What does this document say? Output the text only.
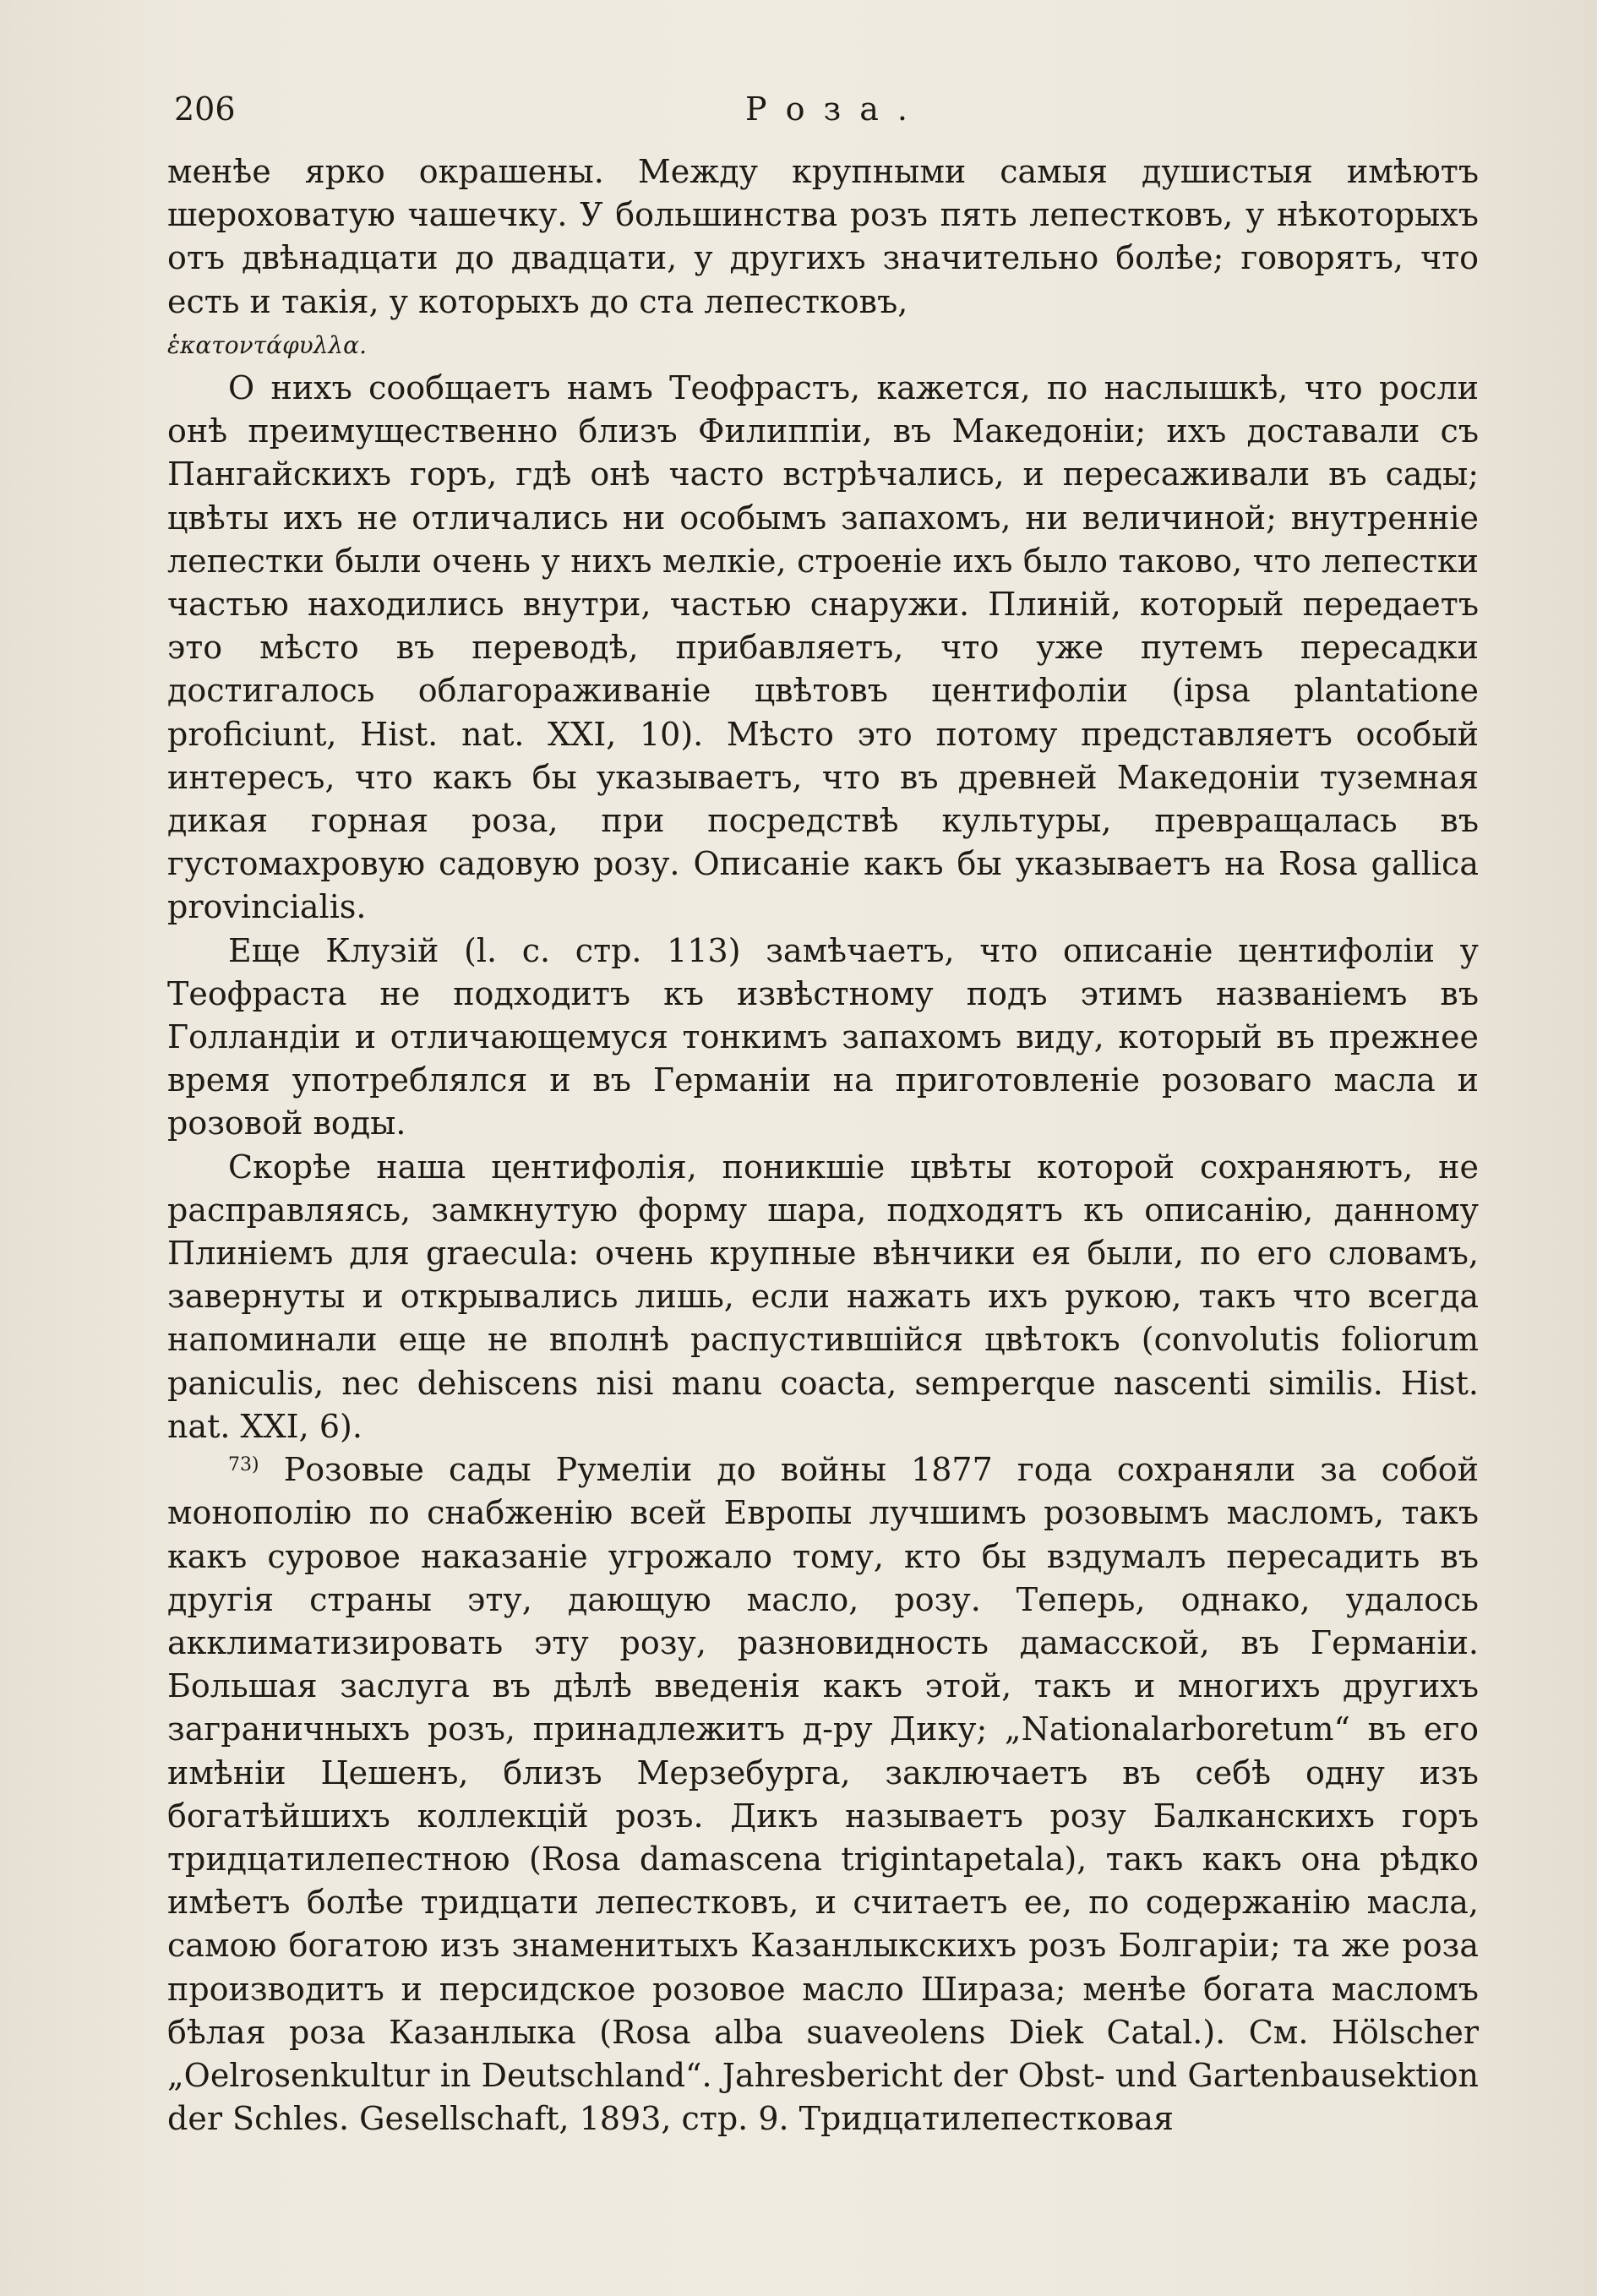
206	Роза.

менѣе ярко окрашены. Между крупными самыя душистыя имѣютъ шероховатую чашечку. У большинства розъ пять лепестковъ, у нѣкоторыхъ отъ двѣнадцати до двадцати, у другихъ значительно болѣе; говорятъ, что есть и такія, у которыхъ до ста лепестковъ,
ἑκατοντάφυλλα.

О нихъ сообщаетъ намъ Теофрастъ, кажется, по наслышкѣ, что росли онѣ преимущественно близъ Филиппіи, въ Македоніи; ихъ доставали съ Пангайскихъ горъ, гдѣ онѣ часто встрѣчались, и пересаживали въ сады; цвѣты ихъ не отличались ни особымъ запахомъ, ни величиной; внутренніе лепестки были очень у нихъ мелкіе, строеніе ихъ было таково, что лепестки частью находились внутри, частью снаружи. Плиній, который передаетъ это мѣсто въ переводѣ, прибавляетъ, что уже путемъ пересадки достигалось облагораживаніе цвѣтовъ центифоліи (ipsa plantatione proficiunt, Hist. nat. XXI, 10). Мѣсто это потому представляетъ особый интересъ, что какъ бы указываетъ, что въ древней Македоніи туземная дикая горная роза, при посредствѣ культуры, превращалась въ густомахровую садовую розу. Описаніе какъ бы указываетъ на Rosa gallica provincialis.

Еще Клузій (l. c. стр. 113) замѣчаетъ, что описаніе центифоліи у Теофраста не подходитъ къ извѣстному подъ этимъ названіемъ въ Голландіи и отличающемуся тонкимъ запахомъ виду, который въ прежнее время употреблялся и въ Германіи на приготовленіе розоваго масла и розовой воды.

Скорѣе наша центифолія, поникшіе цвѣты которой сохраняютъ, не расправляясь, замкнутую форму шара, подходятъ къ описанію, данному Плиніемъ для graecula: очень крупные вѣнчики ея были, по его словамъ, завернуты и открывались лишь, если нажать ихъ рукою, такъ что всегда напоминали еще не вполнѣ распустившійся цвѣтокъ (convolutis foliorum paniculis, nec dehiscens nisi manu coacta, semperque nascenti similis. Hist. nat. XXI, 6).

$^{73)}$ Розовые сады Румеліи до войны 1877 года сохраняли за собой монополію по снабженію всей Европы лучшимъ розовымъ масломъ, такъ какъ суровое наказаніе угрожало тому, кто бы вздумалъ пересадить въ другія страны эту, дающую масло, розу. Теперь, однако, удалось акклиматизировать эту розу, разновидность дамасской, въ Германіи. Большая заслуга въ дѣлѣ введенія какъ этой, такъ и многихъ другихъ заграничныхъ розъ, принадлежитъ д-ру Дику; „Nationalarboretum“ въ его имѣніи Цешенъ, близъ Мерзебурга, заключаетъ въ себѣ одну изъ богатѣйшихъ коллекцій розъ. Дикъ называетъ розу Балканскихъ горъ тридцатилепестною (Rosa damascena trigintapetala), такъ какъ она рѣдко имѣетъ болѣе тридцати лепестковъ, и считаетъ ее, по содержанію масла, самою богатою изъ знаменитыхъ Казанлыкскихъ розъ Болгаріи; та же роза производитъ и персидское розовое масло Шираза; менѣе богата масломъ бѣлая роза Казанлыка (Rosa alba suaveolens Diek Catal.). См. Hölscher „Oelrosenkultur in Deutschland“. Jahresbericht der Obst- und Gartenbausektion der Schles. Gesellschaft, 1893, стр. 9. Тридцатилепестковая
